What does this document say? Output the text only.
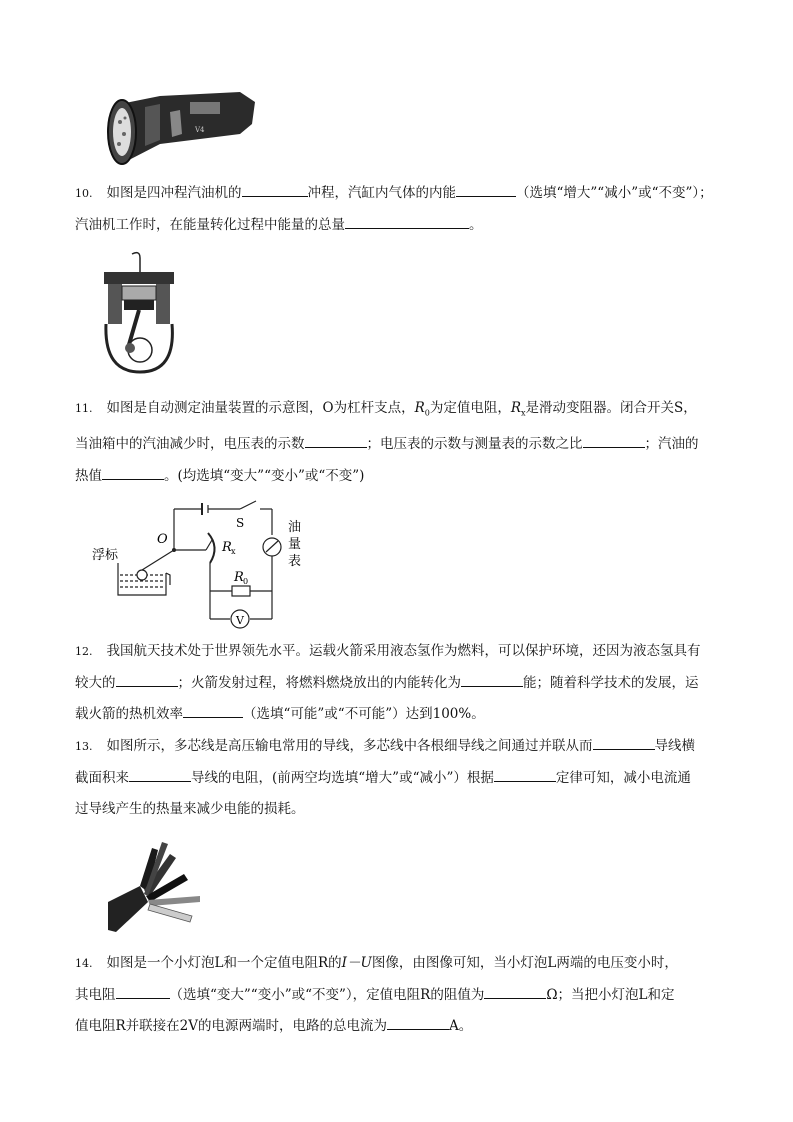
V4
10. 如图是四冲程汽油机的	冲程，汽缸内气体的内能	（选填“增大”“减小”或“不变”）；
汽油机工作时，在能量转化过程中能量的总量	。
11. 如图是自动测定油量装置的示意图，O为杠杆支点，$R_0$为定值电阻，$R_x$是滑动变阻器。闭合开关S，
当油箱中的汽油减少时，电压表的示数	；电压表的示数与测量表的示数之比	；汽油的
热值	。(均选填“变大”“变小”或“不变”)
O
浮标
S
R x
R 0
V
油
量
表
12. 我国航天技术处于世界领先水平。运载火箭采用液态氢作为燃料，可以保护环境，还因为液态氢具有
较大的	；火箭发射过程，将燃料燃烧放出的内能转化为	能；随着科学技术的发展，运
载火箭的热机效率	（选填“可能”或“不可能”）达到100%。
13. 如图所示，多芯线是高压输电常用的导线，多芯线中各根细导线之间通过并联从而	导线横
截面积来	导线的电阻，(前两空均选填“增大”或“减小”）根据	定律可知，减小电流通
过导线产生的热量来减少电能的损耗。
14. 如图是一个小灯泡L和一个定值电阻R的I－U图像，由图像可知，当小灯泡L两端的电压变小时，
其电阻	（选填“变大”“变小”或“不变”），定值电阻R的阻值为	Ω；当把小灯泡L和定
值电阻R并联接在2V的电源两端时，电路的总电流为	A。
